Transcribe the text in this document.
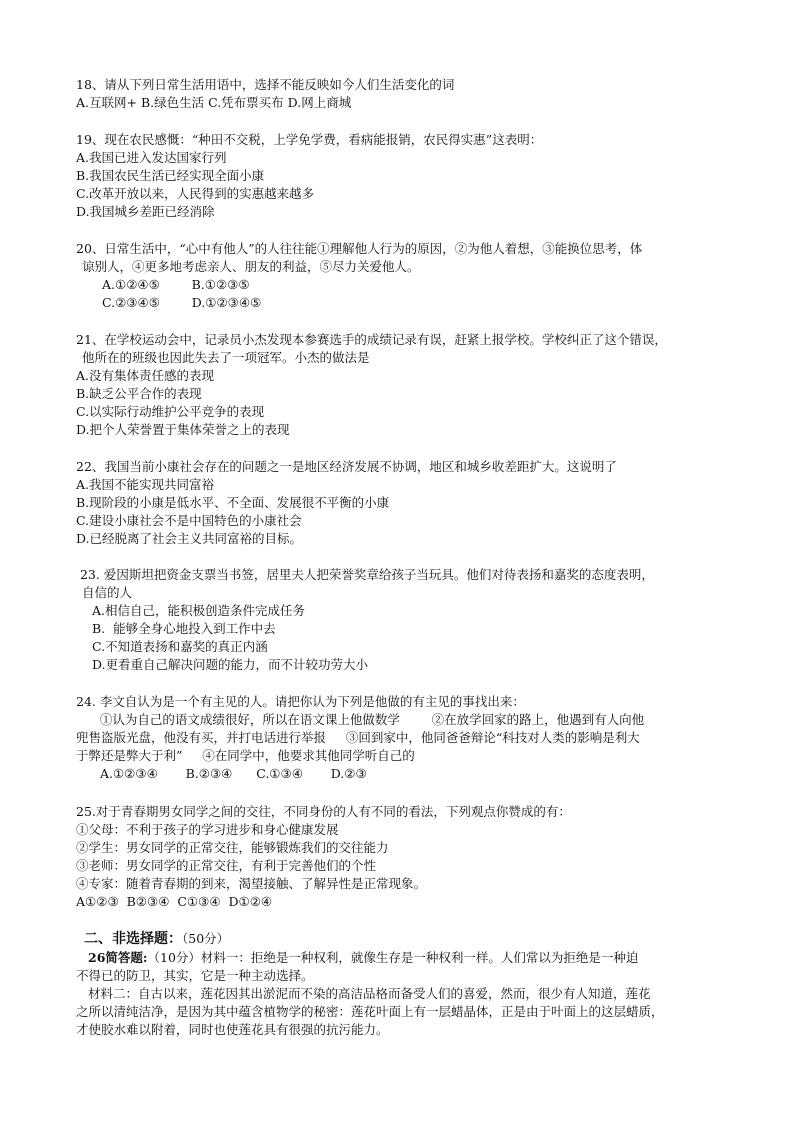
18、请从下列日常生活用语中，选择不能反映如今人们生活变化的词
A.互联网+ B.绿色生活 C.凭布票买布 D.网上商城
19、现在农民感慨：“种田不交税，上学免学费，看病能报销，农民得实惠”这表明：
A.我国已进入发达国家行列
B.我国农民生活已经实现全面小康
C.改革开放以来，人民得到的实惠越来越多
D.我国城乡差距已经消除
20、日常生活中，“心中有他人”的人往往能①理解他人行为的原因，②为他人着想，③能换位思考，体
谅别人，④更多地考虑亲人、朋友的利益，⑤尽力关爱他人。
A.①②④⑤        B.①②③⑤
C.②③④⑤        D.①②③④⑤
21、在学校运动会中，记录员小杰发现本参赛选手的成绩记录有误，赶紧上报学校。学校纠正了这个错误，
他所在的班级也因此失去了一项冠军。小杰的做法是
A.没有集体责任感的表现
B.缺乏公平合作的表现
C.以实际行动维护公平竞争的表现
D.把个人荣誉置于集体荣誉之上的表现
22、我国当前小康社会存在的问题之一是地区经济发展不协调，地区和城乡收差距扩大。这说明了
A.我国不能实现共同富裕
B.现阶段的小康是低水平、不全面、发展很不平衡的小康
C.建设小康社会不是中国特色的小康社会
D.已经脱离了社会主义共同富裕的目标。
23. 爱因斯坦把资金支票当书签，居里夫人把荣誉奖章给孩子当玩具。他们对待表扬和嘉奖的态度表明，
自信的人
A.相信自己，能积极创造条件完成任务
B.  能够全身心地投入到工作中去
C.不知道表扬和嘉奖的真正内涵
D.更看重自己解决问题的能力，而不计较功劳大小
24. 李文自认为是一个有主见的人。请把你认为下列是他做的有主见的事找出来：
①认为自己的语文成绩很好，所以在语文课上他做数学        ②在放学回家的路上，他遇到有人向他
兜售盗版光盘，他没有买，并打电话进行举报     ③回到家中，他同爸爸辩论“科技对人类的影响是利大
于弊还是弊大于利”     ④在同学中，他要求其他同学听自己的
A.①②③④       B.②③④      C.①③④       D.②③
25.对于青春期男女同学之间的交往，不同身份的人有不同的看法，下列观点你赞成的有：
①父母：不利于孩子的学习进步和身心健康发展
②学生：男女同学的正常交往，能够锻炼我们的交往能力
③老师：男女同学的正常交往，有利于完善他们的个性
④专家：随着青春期的到来，渴望接触、了解异性是正常现象。
A①②③  B②③④  C①③④  D①②④
二、非选择题：（50分）
26简答题:（10分）材料一：拒绝是一种权利，就像生存是一种权利一样。人们常以为拒绝是一种迫
不得已的防卫，其实，它是一种主动选择。
材料二：自古以来，莲花因其出淤泥而不染的高洁品格而备受人们的喜爱，然而，很少有人知道，莲花
之所以清纯洁净，是因为其中蕴含植物学的秘密：莲花叶面上有一层蜡晶体，正是由于叶面上的这层蜡质，
才使胶水难以附着，同时也使莲花具有很强的抗污能力。
